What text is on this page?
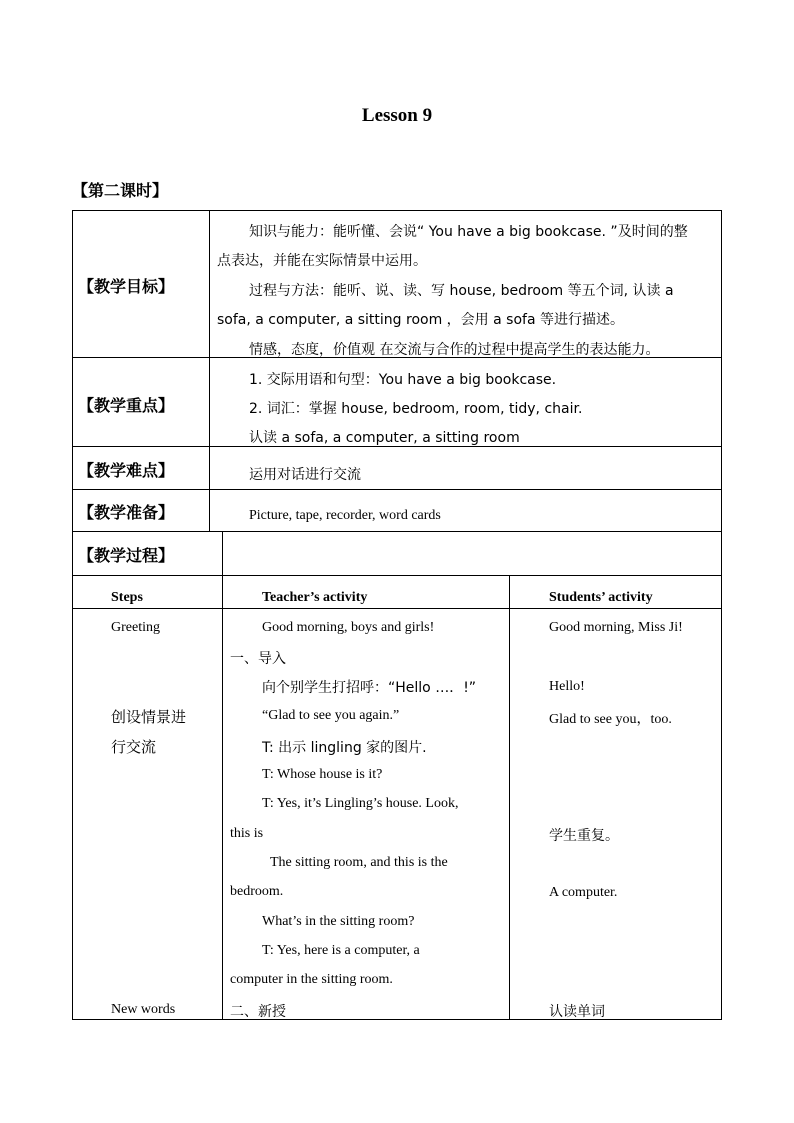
Lesson 9
【第二课时】
【教学目标】
【教学重点】
【教学难点】
【教学准备】
【教学过程】
知识与能力：能听懂、会说“ You have a big bookcase. ”及时间的整
点表达，并能在实际情景中运用。
过程与方法：能听、说、读、写 house, bedroom 等五个词, 认读 a
sofa, a computer, a sitting room ，会用 a sofa 等进行描述。
情感，态度，价值观 在交流与合作的过程中提高学生的表达能力。
1. 交际用语和句型：You have a big bookcase.
2. 词汇：掌握 house, bedroom, room, tidy, chair.
认读 a sofa, a computer, a sitting room
运用对话进行交流
Picture, tape, recorder, word cards
Steps	Teacher’s activity	Students’ activity
Greeting
创设情景进
行交流
New words
Good morning, boys and girls!
一、导入
向个别学生打招呼：“Hello …．!”
“Glad to see you again.”
T: 出示 lingling 家的图片.
T: Whose house is it?
T: Yes, it’s Lingling’s house. Look,
this is
The sitting room, and this is the
bedroom.
What’s in the sitting room?
T: Yes, here is a computer, a
computer in the sitting room.
二、新授
Good morning, Miss Ji!
Hello!
Glad to see you，too.
学生重复。
A computer.
认读单词
